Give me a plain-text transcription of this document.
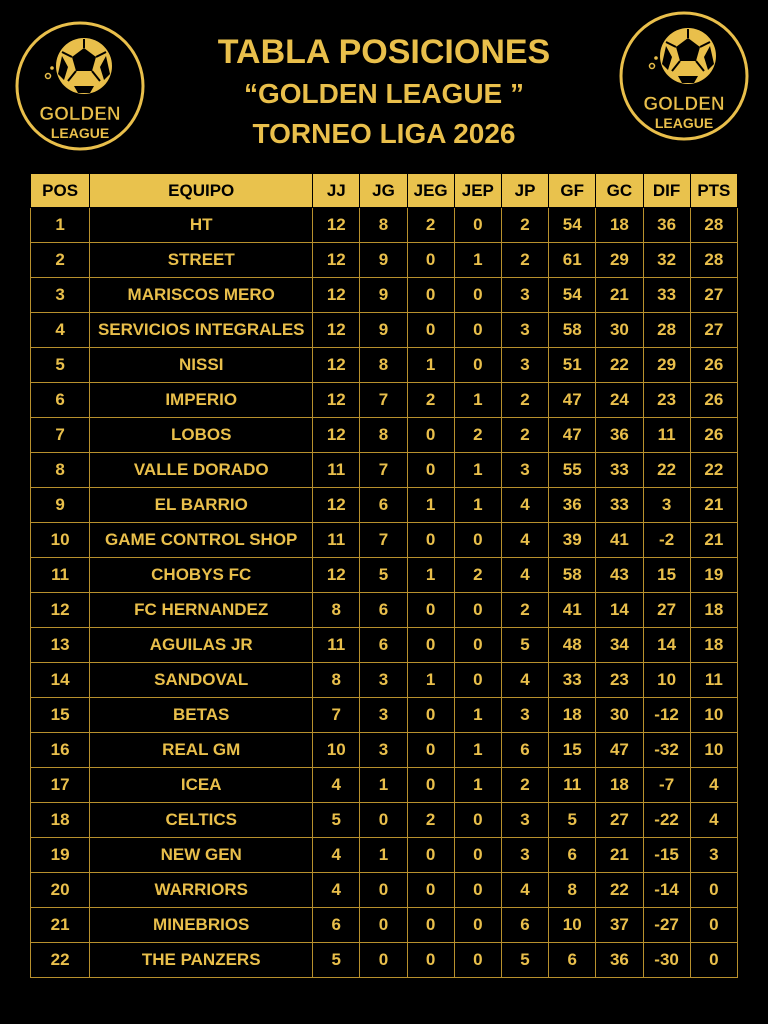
GOLDEN
LEAGUE
GOLDEN
LEAGUE
TABLA POSICIONES
“GOLDEN LEAGUE ”
TORNEO LIGA 2026
POS	EQUIPO	JJ	JG	JEG	JEP	JP	GF	GC	DIF	PTS
1	HT	12	8	2	0	2	54	18	36	28
2	STREET	12	9	0	1	2	61	29	32	28
3	MARISCOS MERO	12	9	0	0	3	54	21	33	27
4	SERVICIOS INTEGRALES	12	9	0	0	3	58	30	28	27
5	NISSI	12	8	1	0	3	51	22	29	26
6	IMPERIO	12	7	2	1	2	47	24	23	26
7	LOBOS	12	8	0	2	2	47	36	11	26
8	VALLE DORADO	11	7	0	1	3	55	33	22	22
9	EL BARRIO	12	6	1	1	4	36	33	3	21
10	GAME CONTROL SHOP	11	7	0	0	4	39	41	-2	21
11	CHOBYS FC	12	5	1	2	4	58	43	15	19
12	FC HERNANDEZ	8	6	0	0	2	41	14	27	18
13	AGUILAS JR	11	6	0	0	5	48	34	14	18
14	SANDOVAL	8	3	1	0	4	33	23	10	11
15	BETAS	7	3	0	1	3	18	30	-12	10
16	REAL GM	10	3	0	1	6	15	47	-32	10
17	ICEA	4	1	0	1	2	11	18	-7	4
18	CELTICS	5	0	2	0	3	5	27	-22	4
19	NEW GEN	4	1	0	0	3	6	21	-15	3
20	WARRIORS	4	0	0	0	4	8	22	-14	0
21	MINEBRIOS	6	0	0	0	6	10	37	-27	0
22	THE PANZERS	5	0	0	0	5	6	36	-30	0
